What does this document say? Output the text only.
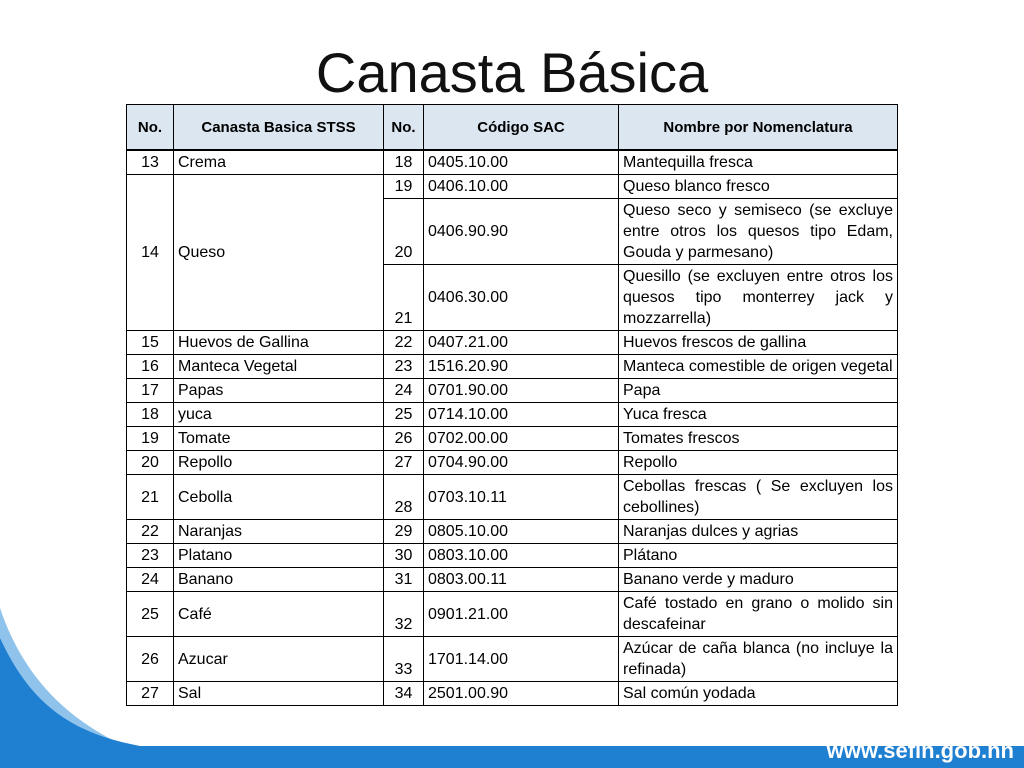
Canasta Básica
www.sefin.gob.hn
No.	Canasta Basica STSS	No.	Código SAC	Nombre por Nomenclatura
13	Crema	18	0405.10.00	Mantequilla fresca
14	Queso	19	0406.10.00	Queso blanco fresco
		20	0406.90.90	Queso seco y semiseco (se excluye entre otros los quesos tipo Edam, Gouda y parmesano)
		21	0406.30.00	Quesillo (se excluyen entre otros los quesos tipo monterrey jack y mozzarrella)
15	Huevos de Gallina	22	0407.21.00	Huevos frescos de gallina
16	Manteca Vegetal	23	1516.20.90	Manteca comestible de origen vegetal
17	Papas	24	0701.90.00	Papa
18	yuca	25	0714.10.00	Yuca fresca
19	Tomate	26	0702.00.00	Tomates frescos
20	Repollo	27	0704.90.00	Repollo
21	Cebolla	28	0703.10.11	Cebollas frescas ( Se excluyen los cebollines)
22	Naranjas	29	0805.10.00	Naranjas dulces y agrias
23	Platano	30	0803.10.00	Plátano
24	Banano	31	0803.00.11	Banano verde y maduro
25	Café	32	0901.21.00	Café tostado en grano o molido sin descafeinar
26	Azucar	33	1701.14.00	Azúcar de caña blanca (no incluye la refinada)
27	Sal	34	2501.00.90	Sal común yodada
